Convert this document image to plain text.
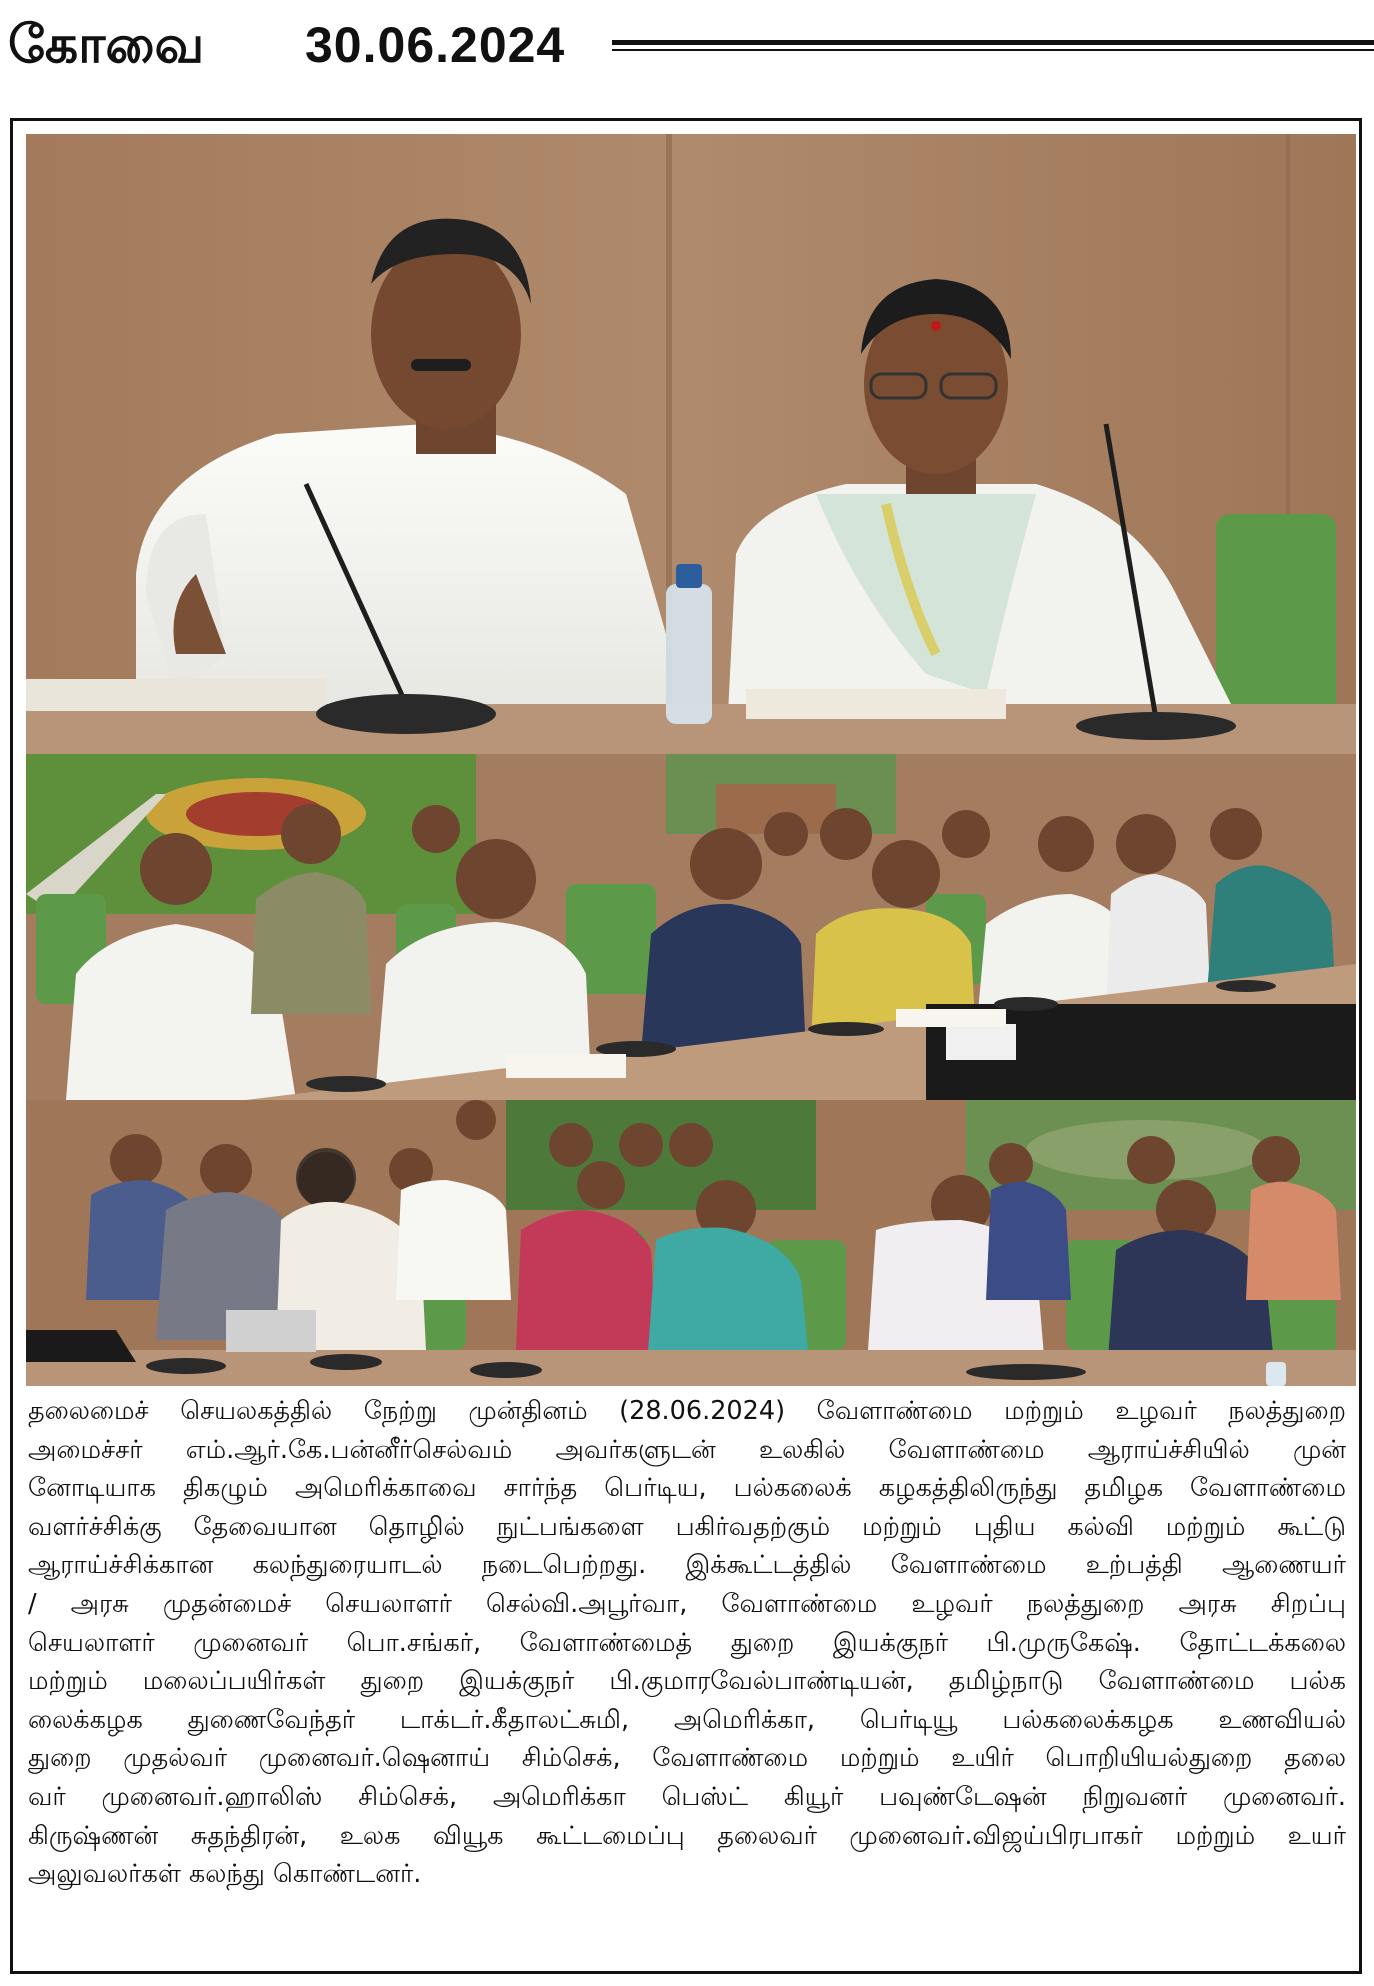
கோவை 30.06.2024
தலைமைச் செயலகத்தில் நேற்று முன்தினம் (28.06.2024) வேளாண்மை மற்றும் உழவர் நலத்துறை
அமைச்சர் எம்.ஆர்.கே.பன்னீர்செல்வம் அவர்களுடன் உலகில் வேளாண்மை ஆராய்ச்சியில் முன்
னோடியாக திகழும் அமெரிக்காவை சார்ந்த பெர்டிய, பல்கலைக் கழகத்திலிருந்து தமிழக வேளாண்மை
வளர்ச்சிக்கு தேவையான தொழில் நுட்பங்களை பகிர்வதற்கும் மற்றும் புதிய கல்வி மற்றும் கூட்டு
ஆராய்ச்சிக்கான கலந்துரையாடல் நடைபெற்றது. இக்கூட்டத்தில் வேளாண்மை உற்பத்தி ஆணையர்
/ அரசு முதன்மைச் செயலாளர் செல்வி.அபூர்வா, வேளாண்மை உழவர் நலத்துறை அரசு சிறப்பு
செயலாளர் முனைவர் பொ.சங்கர், வேளாண்மைத் துறை இயக்குநர் பி.முருகேஷ். தோட்டக்கலை
மற்றும் மலைப்பயிர்கள் துறை இயக்குநர் பி.குமாரவேல்பாண்டியன், தமிழ்நாடு வேளாண்மை பல்க
லைக்கழக துணைவேந்தர் டாக்டர்.கீதாலட்சுமி, அமெரிக்கா, பெர்டியூ பல்கலைக்கழக உணவியல்
துறை முதல்வர் முனைவர்.ஷெனாய் சிம்செக், வேளாண்மை மற்றும் உயிர் பொறியியல்துறை தலை
வர் முனைவர்.ஹாலிஸ் சிம்செக், அமெரிக்கா பெஸ்ட் கியூர் பவுண்டேஷன் நிறுவனர் முனைவர்.
கிருஷ்ணன் சுதந்திரன், உலக வியூக கூட்டமைப்பு தலைவர் முனைவர்.விஜய்பிரபாகர் மற்றும் உயர்
அலுவலர்கள் கலந்து கொண்டனர்.
